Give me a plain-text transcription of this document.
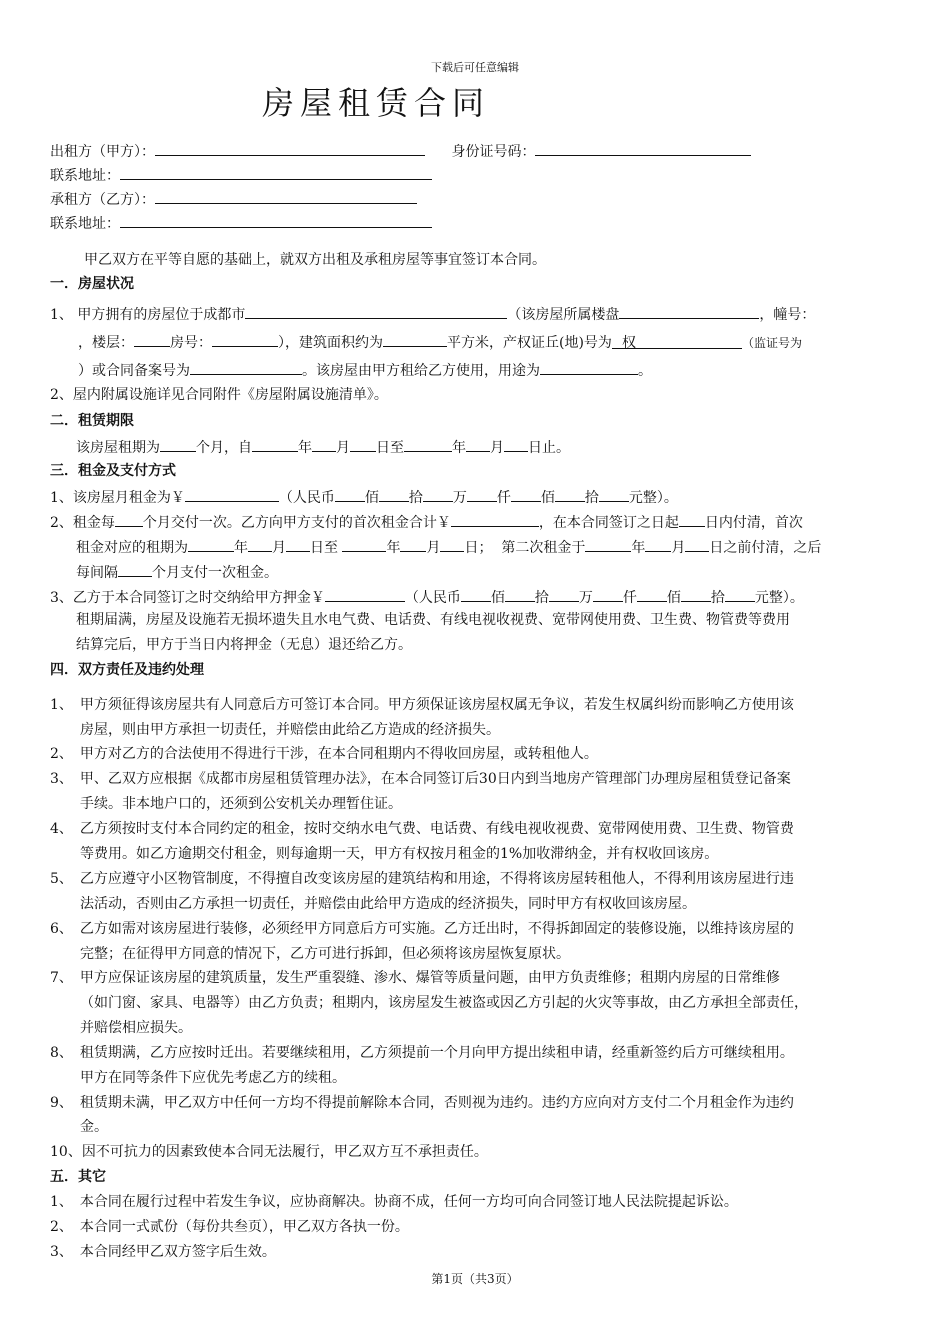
下载后可任意编辑
房屋租赁合同
出租方（甲方）：	身份证号码：
联系地址：
承租方（乙方）：
联系地址：
甲乙双方在平等自愿的基础上，就双方出租及承租房屋等事宜签订本合同。
一．房屋状况
1、 甲方拥有的房屋位于成都市	（该房屋所属楼盘	，幢号：
，楼层：	房号：	），建筑面积约为	平方米，产权证丘(地)号为 权	（监证号为
）或合同备案号为	。该房屋由甲方租给乙方使用，用途为	。
2、屋内附属设施详见合同附件《房屋附属设施清单》。
二．租赁期限
该房屋租期为	个月，自	年 月 日至	年 月 日止。
三．租金及支付方式
1、该房屋月租金为￥	（人民币 佰 拾 万 仟 佰 拾 元整）。
2、租金每 个月交付一次。乙方向甲方支付的首次租金合计￥	，在本合同签订之日起 日内付清，首次
租金对应的租期为	年 月 日至	年 月 日； 第二次租金于	年 月 日之前付清，之后
每间隔 个月支付一次租金。
3、乙方于本合同签订之时交纳给甲方押金￥	（人民币 佰 拾 万 仟 佰 拾 元整）。
租期届满，房屋及设施若无损坏遗失且水电气费、电话费、有线电视收视费、宽带网使用费、卫生费、物管费等费用
结算完后，甲方于当日内将押金（无息）退还给乙方。
四．双方责任及违约处理
1、　甲方须征得该房屋共有人同意后方可签订本合同。甲方须保证该房屋权属无争议，若发生权属纠纷而影响乙方使用该
房屋，则由甲方承担一切责任，并赔偿由此给乙方造成的经济损失。
2、　甲方对乙方的合法使用不得进行干涉，在本合同租期内不得收回房屋，或转租他人。
3、　甲、乙双方应根据《成都市房屋租赁管理办法》，在本合同签订后30日内到当地房产管理部门办理房屋租赁登记备案
手续。非本地户口的，还须到公安机关办理暂住证。
4、　乙方须按时支付本合同约定的租金，按时交纳水电气费、电话费、有线电视收视费、宽带网使用费、卫生费、物管费
等费用。如乙方逾期交付租金，则每逾期一天，甲方有权按月租金的1%加收滞纳金，并有权收回该房。
5、　乙方应遵守小区物管制度，不得擅自改变该房屋的建筑结构和用途，不得将该房屋转租他人，不得利用该房屋进行违
法活动，否则由乙方承担一切责任，并赔偿由此给甲方造成的经济损失，同时甲方有权收回该房屋。
6、　乙方如需对该房屋进行装修，必须经甲方同意后方可实施。乙方迁出时，不得拆卸固定的装修设施，以维持该房屋的
完整；在征得甲方同意的情况下，乙方可进行拆卸，但必须将该房屋恢复原状。
7、　甲方应保证该房屋的建筑质量，发生严重裂缝、渗水、爆管等质量问题，由甲方负责维修；租期内房屋的日常维修
（如门窗、家具、电器等）由乙方负责；租期内，该房屋发生被盗或因乙方引起的火灾等事故，由乙方承担全部责任，
并赔偿相应损失。
8、　租赁期满，乙方应按时迁出。若要继续租用，乙方须提前一个月向甲方提出续租申请，经重新签约后方可继续租用。
甲方在同等条件下应优先考虑乙方的续租。
9、　租赁期未满，甲乙双方中任何一方均不得提前解除本合同，否则视为违约。违约方应向对方支付二个月租金作为违约
金。
10、因不可抗力的因素致使本合同无法履行，甲乙双方互不承担责任。
五．其它
1、　本合同在履行过程中若发生争议，应协商解决。协商不成，任何一方均可向合同签订地人民法院提起诉讼。
2、　本合同一式贰份（每份共叁页），甲乙双方各执一份。
3、　本合同经甲乙双方签字后生效。
第1页（共3页）
